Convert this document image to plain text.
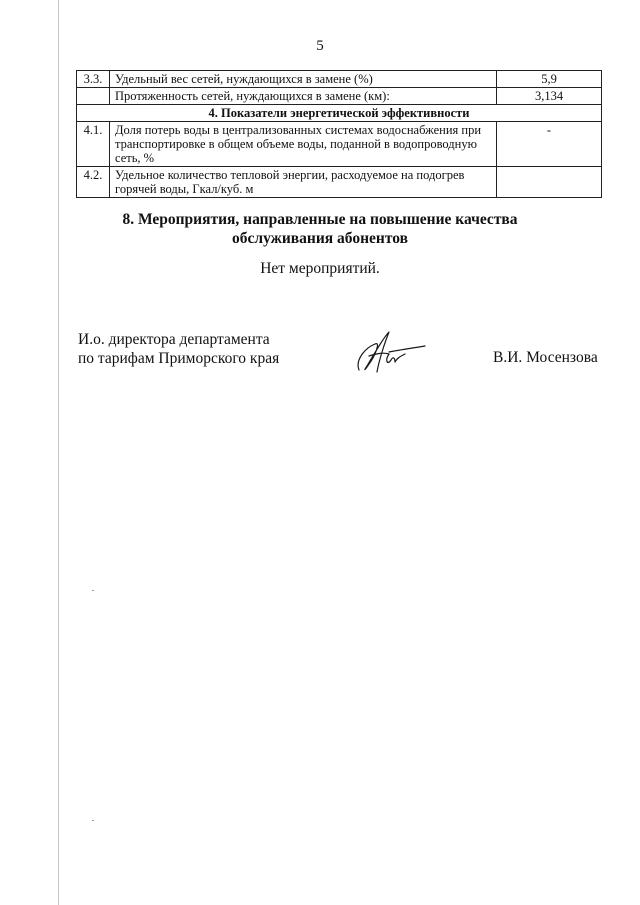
5
3.3.	Удельный вес сетей, нуждающихся в замене (%)	5,9
	Протяженность сетей, нуждающихся в замене (км):	3,134
4. Показатели энергетической эффективности		
4.1.	Доля потерь воды в централизованных системах водоснабжения при транспортировке в общем объеме воды, поданной в водопроводную сеть, %	-
4.2.	Удельное количество тепловой энергии, расходуемое на подогрев горячей воды, Гкал/куб. м	
8. Мероприятия, направленные на повышение качества
обслуживания абонентов
Нет мероприятий.
И.о. директора департамента
по тарифам Приморского края	В.И. Мосензова
